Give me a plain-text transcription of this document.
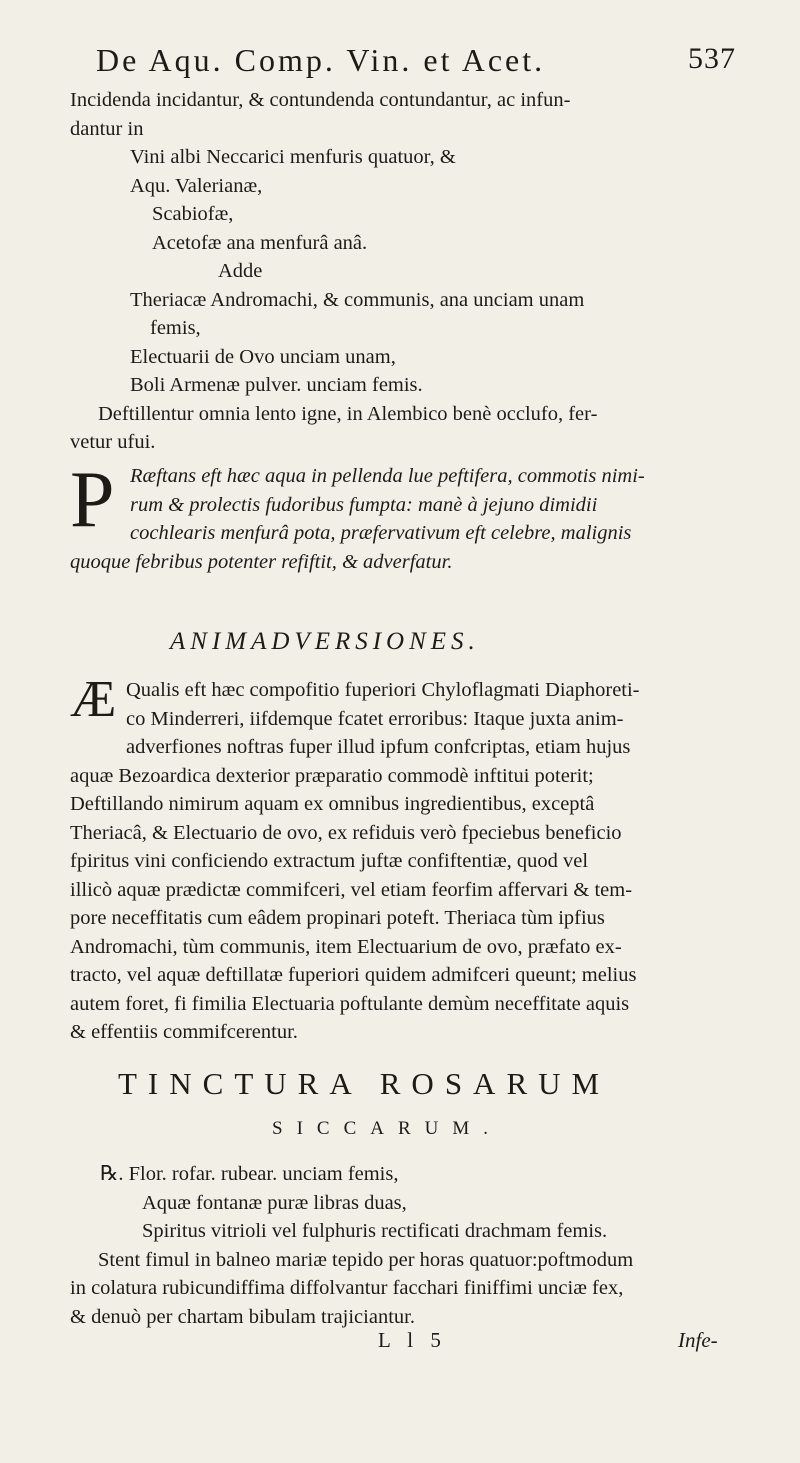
De Aqu. Comp. Vin. et Acet.	537
Incidenda incidantur, & contundenda contundantur, ac infun-
dantur in
Vini albi Neccarici menfuris quatuor, &
Aqu. Valerianæ,
Scabiofæ,
Acetofæ ana menfurâ anâ.
Adde
Theriacæ Andromachi, & communis, ana unciam unam
femis,
Electuarii de Ovo unciam unam,
Boli Armenæ pulver. unciam femis.
Deftillentur omnia lento igne, in Alembico benè occlufo, fer-
vetur ufui.
P Ræftans eft hæc aqua in pellenda lue peftifera, commotis nimi-
rum & prolectis fudoribus fumpta: manè à jejuno dimidii
cochlearis menfurâ pota, præfervativum eft celebre, malignis
quoque febribus potenter refiftit, & adverfatur.
ANIMADVERSIONES.
Æ Qualis eft hæc compofitio fuperiori Chyloflagmati Diaphoreti-
co Minderreri, iifdemque fcatet erroribus: Itaque juxta anim-
adverfiones noftras fuper illud ipfum confcriptas, etiam hujus
aquæ Bezoardica dexterior præparatio commodè inftitui poterit;
Deftillando nimirum aquam ex omnibus ingredientibus, exceptâ
Theriacâ, & Electuario de ovo, ex refiduis verò fpeciebus beneficio
fpiritus vini conficiendo extractum juftæ confiftentiæ, quod vel
illicò aquæ prædictæ commifceri, vel etiam feorfim affervari & tem-
pore neceffitatis cum eâdem propinari poteft. Theriaca tùm ipfius
Andromachi, tùm communis, item Electuarium de ovo, præfato ex-
tracto, vel aquæ deftillatæ fuperiori quidem admifceri queunt; melius
autem foret, fi fimilia Electuaria poftulante demùm neceffitate aquis
& effentiis commifcerentur.
TINCTURA ROSARUM
SICCARUM.
℞. Flor. rofar. rubear. unciam femis,
Aquæ fontanæ puræ libras duas,
Spiritus vitrioli vel fulphuris rectificati drachmam femis.
Stent fimul in balneo mariæ tepido per horas quatuor:poftmodum
in colatura rubicundiffima diffolvantur facchari finiffimi unciæ fex,
& denuò per chartam bibulam trajiciantur.
L l 5	Infe-
